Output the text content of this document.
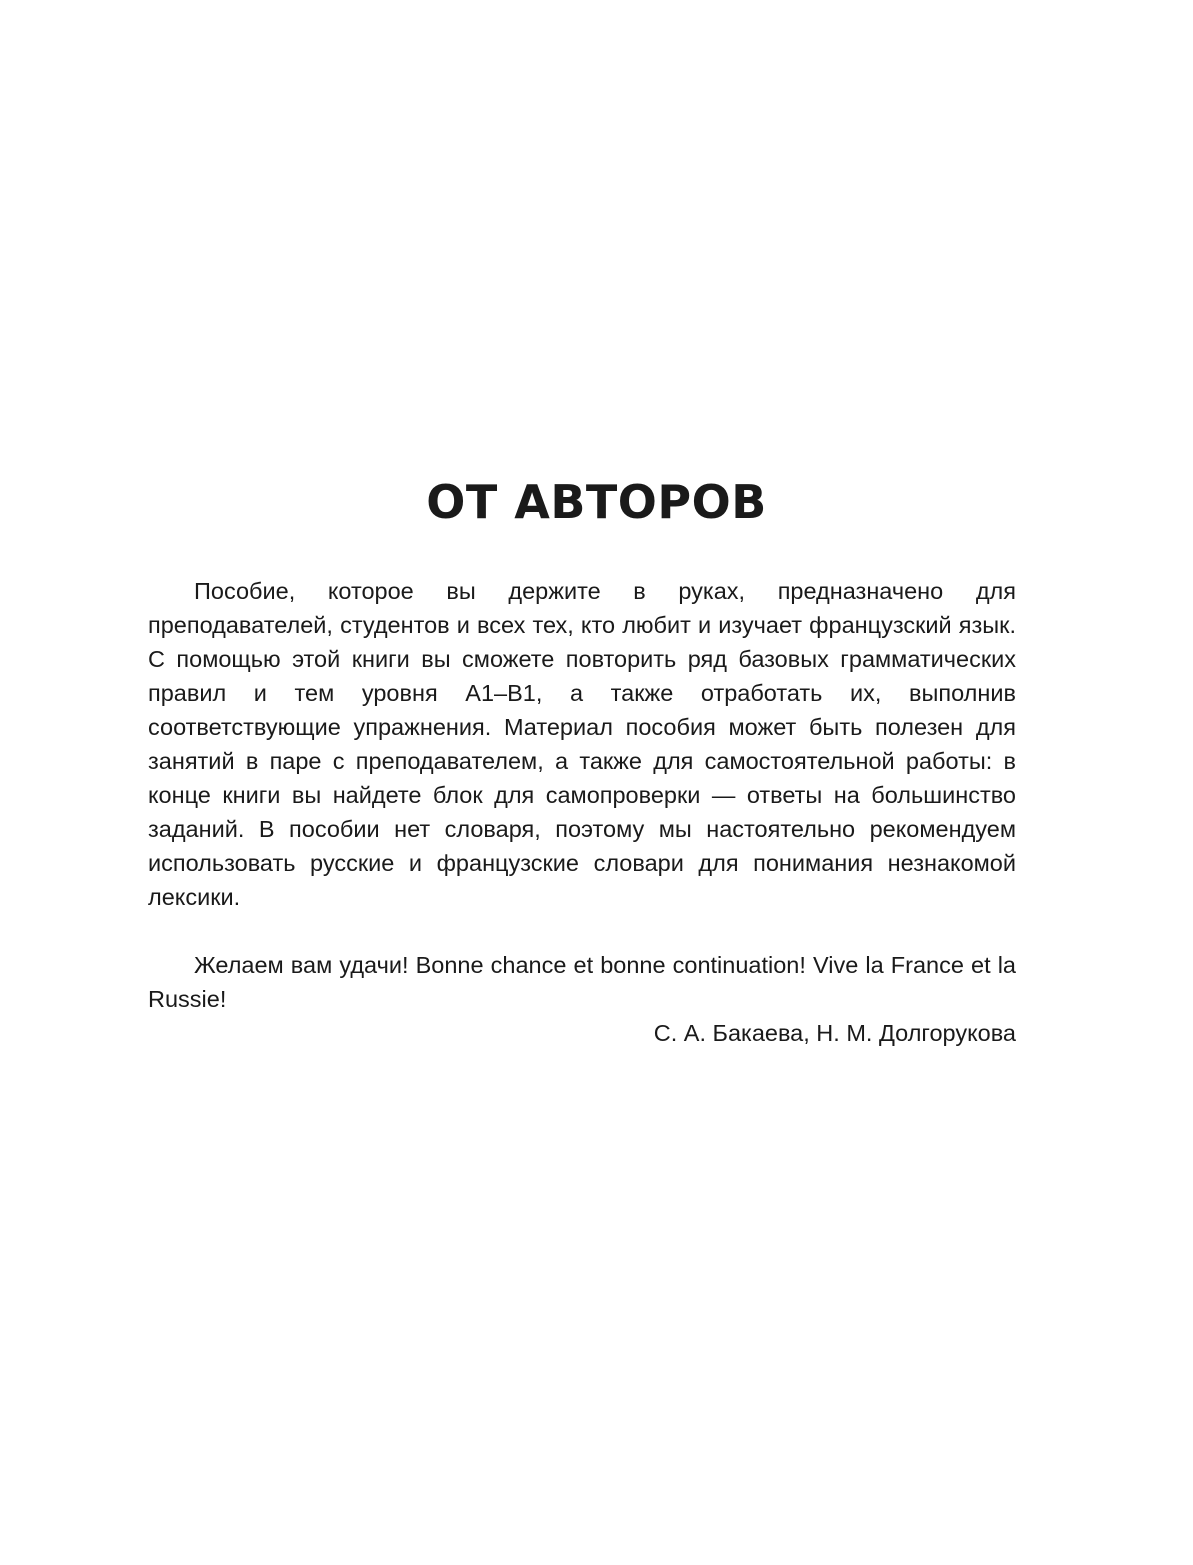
ОТ АВТОРОВ

Пособие, которое вы держите в руках, предназначено для преподавателей, студентов и всех тех, кто любит и изучает французский язык. С помощью этой книги вы сможете повторить ряд базовых грамматических правил и тем уровня A1–B1, а также отработать их, выполнив соответствующие упражнения. Материал пособия может быть полезен для занятий в паре с преподавателем, а также для самостоятельной работы: в конце книги вы найдете блок для самопроверки — ответы на большинство заданий. В пособии нет словаря, поэтому мы настоятельно рекомендуем использовать русские и французские словари для понимания незнакомой лексики.

Желаем вам удачи! Bonne chance et bonne continuation! Vive la France et la Russie!

С. А. Бакаева, Н. М. Долгорукова
